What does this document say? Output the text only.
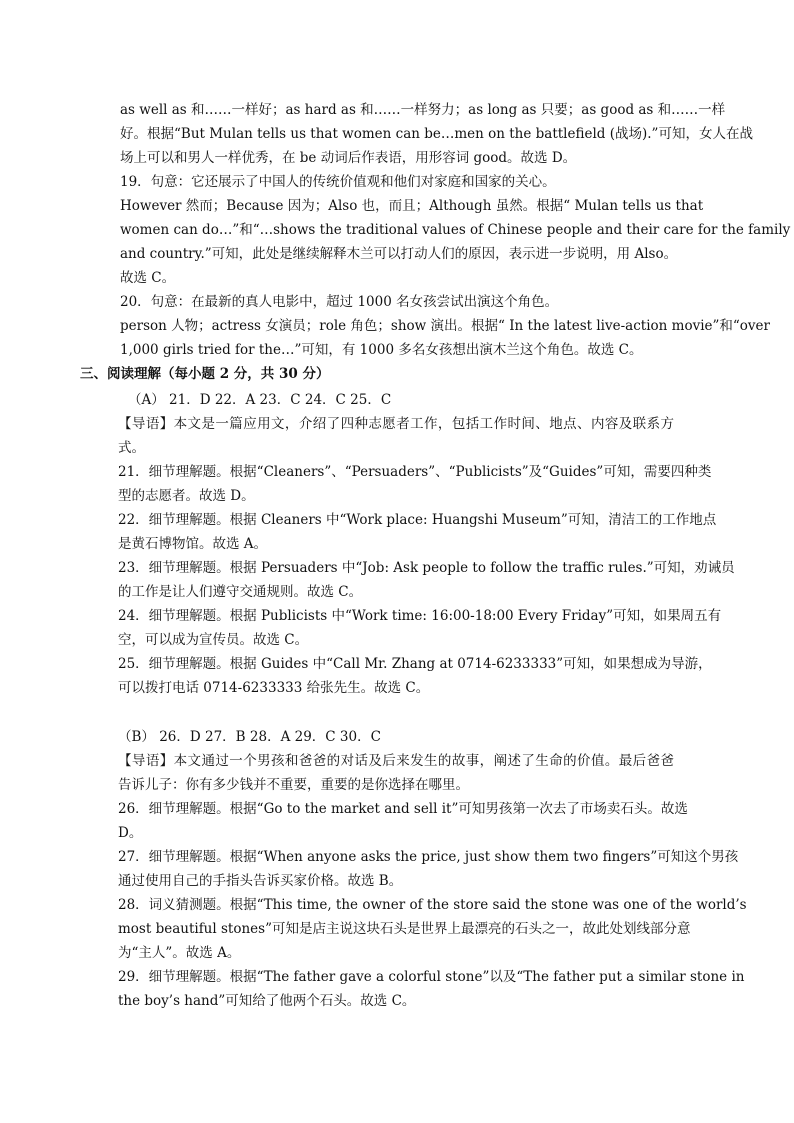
as well as 和……一样好；as hard as 和……一样努力；as long as 只要；as good as 和……一样
好。根据“But Mulan tells us that women can be…men on the battlefield (战场).”可知，女人在战
场上可以和男人一样优秀，在 be 动词后作表语，用形容词 good。故选 D。
19．句意：它还展示了中国人的传统价值观和他们对家庭和国家的关心。
However 然而；Because 因为；Also 也，而且；Although 虽然。根据“ Mulan tells us that
women can do…”和“…shows the traditional values of Chinese people and their care for the family
and country.”可知，此处是继续解释木兰可以打动人们的原因，表示进一步说明，用 Also。
故选 C。
20．句意：在最新的真人电影中，超过 1000 名女孩尝试出演这个角色。
person 人物；actress 女演员；role 角色；show 演出。根据“ In the latest live-action movie”和“over
1,000 girls tried for the…”可知，有 1000 多名女孩想出演木兰这个角色。故选 C。
三、阅读理解（每小题 2 分，共 30 分）
（A） 21．D 22．A 23．C 24．C 25．C
【导语】本文是一篇应用文，介绍了四种志愿者工作，包括工作时间、地点、内容及联系方
式。
21．细节理解题。根据“Cleaners”、“Persuaders”、“Publicists”及“Guides”可知，需要四种类
型的志愿者。故选 D。
22．细节理解题。根据 Cleaners 中“Work place: Huangshi Museum”可知，清洁工的工作地点
是黄石博物馆。故选 A。
23．细节理解题。根据 Persuaders 中“Job: Ask people to follow the traffic rules.”可知，劝诫员
的工作是让人们遵守交通规则。故选 C。
24．细节理解题。根据 Publicists 中“Work time: 16:00-18:00 Every Friday”可知，如果周五有
空，可以成为宣传员。故选 C。
25．细节理解题。根据 Guides 中“Call Mr. Zhang at 0714-6233333”可知，如果想成为导游，
可以拨打电话 0714-6233333 给张先生。故选 C。
（B） 26．D 27．B 28．A 29．C 30．C
【导语】本文通过一个男孩和爸爸的对话及后来发生的故事，阐述了生命的价值。最后爸爸
告诉儿子：你有多少钱并不重要，重要的是你选择在哪里。
26．细节理解题。根据“Go to the market and sell it”可知男孩第一次去了市场卖石头。故选
D。
27．细节理解题。根据“When anyone asks the price, just show them two fingers”可知这个男孩
通过使用自己的手指头告诉买家价格。故选 B。
28．词义猜测题。根据“This time, the owner of the store said the stone was one of the world’s
most beautiful stones”可知是店主说这块石头是世界上最漂亮的石头之一，故此处划线部分意
为“主人”。故选 A。
29．细节理解题。根据“The father gave a colorful stone”以及“The father put a similar stone in
the boy’s hand”可知给了他两个石头。故选 C。
